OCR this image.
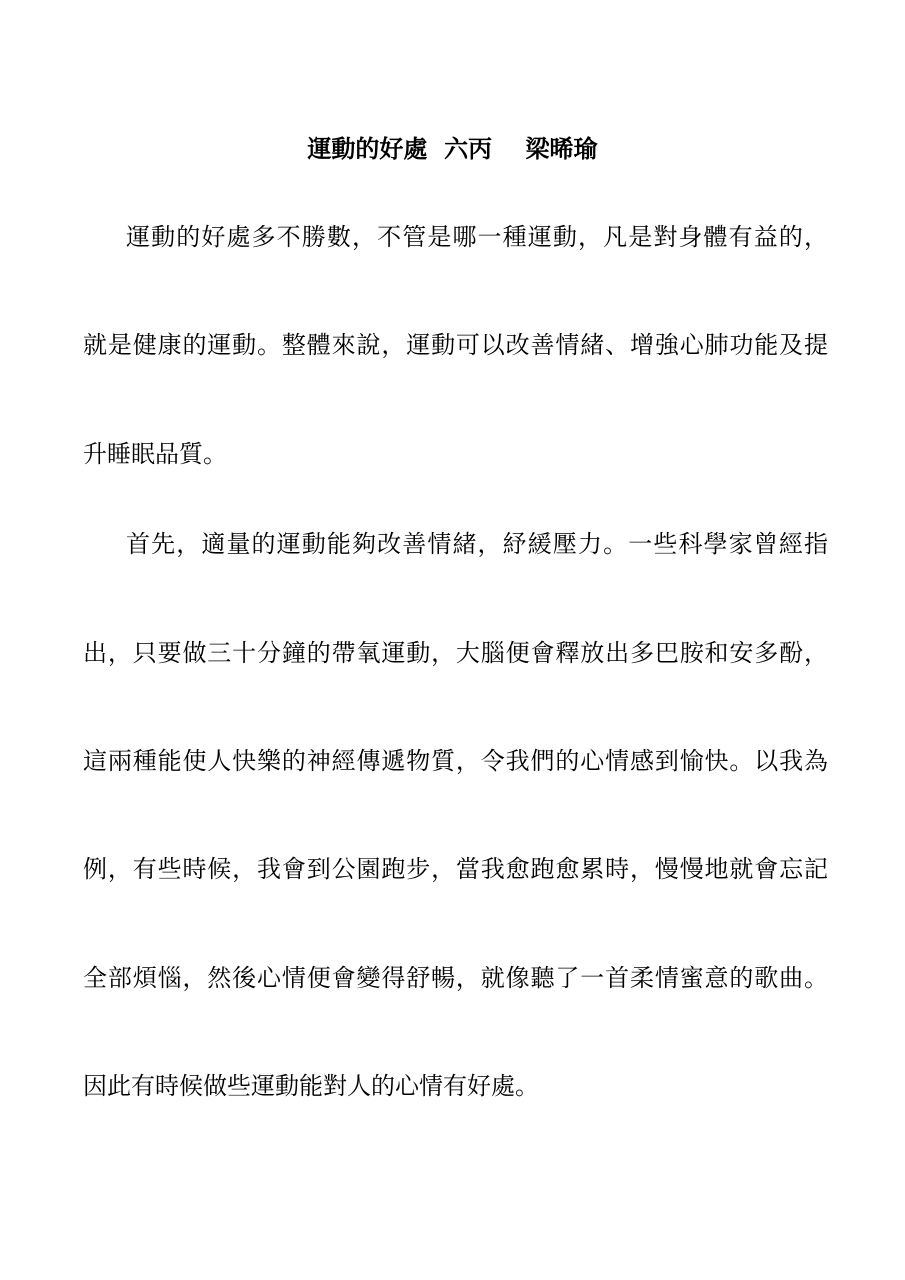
運動的好處  六丙    梁晞瑜
運動的好處多不勝數，不管是哪一種運動，凡是對身體有益的，
就是健康的運動。整體來說，運動可以改善情緒、增強心肺功能及提
升睡眠品質。
首先，適量的運動能夠改善情緒，紓緩壓力。一些科學家曾經指
出，只要做三十分鐘的帶氧運動，大腦便會釋放出多巴胺和安多酚，
這兩種能使人快樂的神經傳遞物質，令我們的心情感到愉快。以我為
例，有些時候，我會到公園跑步，當我愈跑愈累時，慢慢地就會忘記
全部煩惱，然後心情便會變得舒暢，就像聽了一首柔情蜜意的歌曲。
因此有時候做些運動能對人的心情有好處。
